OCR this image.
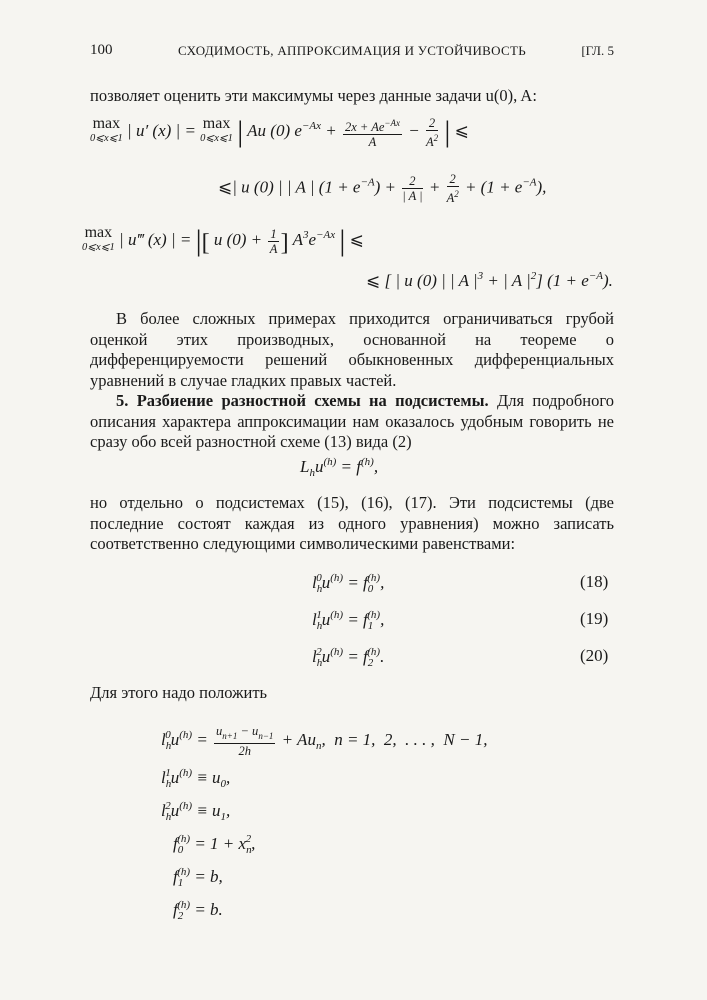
100	СХОДИМОСТЬ, АППРОКСИМАЦИЯ И УСТОЙЧИВОСТЬ	[ГЛ. 5
позволяет оценить эти максимумы через данные задачи u(0), A:
max
0⩽x⩽1 | u′ (x) | = max
0⩽x⩽1 | Au (0) $e^{-Ax} + \frac{2x + Ae^{-Ax}}{A} - \frac{2}{A^2}$ | ⩽
⩽| u (0) | | A | $(1 + e^{-A}) + \frac{2}{| A |} + \frac{2}{A^2} + (1 + e^{-A})$,
max
0⩽x⩽1 | u‴ (x) | = |[ u $(0) + \frac{1}{A}$ ] $A^3e^{-Ax}$ | ⩽
⩽ [ | u (0) | | A $|^3$ + | A $|^2$] $(1 + e^{-A})$.
В более сложных примерах приходится ограничиваться грубой оценкой этих производных, основанной на теореме о дифференцируемости решений обыкновенных дифференциальных уравнений в случае гладких правых частей.
5. Разбиение разностной схемы на подсистемы. Для подробного описания характера аппроксимации нам оказалось удобным говорить не сразу обо всей разностной схеме (13) вида (2)
$L_hu^{(h)} = f^{(h)}$,
но отдельно о подсистемах (15), (16), (17). Эти подсистемы (две последние состоят каждая из одного уравнения) можно записать соответственно следующими символическими равенствами:
$l_h^0u^{(h)} = f_0^{(h)}$,	(18)
$l_h^1u^{(h)} = f_1^{(h)}$,	(19)
$l_h^2u^{(h)} = f_2^{(h)}$.	(20)
Для этого надо положить
$l_h^0u^{(h)} = \frac{u_{n+1} - u_{n-1}}{2h} + Au_n$,  n = 1,  2,  . . . ,  N − 1,
$l_h^1u^{(h)} \equiv u_0$,
$l_h^2u^{(h)} \equiv u_1$,
$f_0^{(h)} = 1 + x_n^2$,
$f_1^{(h)} = b$,
$f_2^{(h)} = b$.
